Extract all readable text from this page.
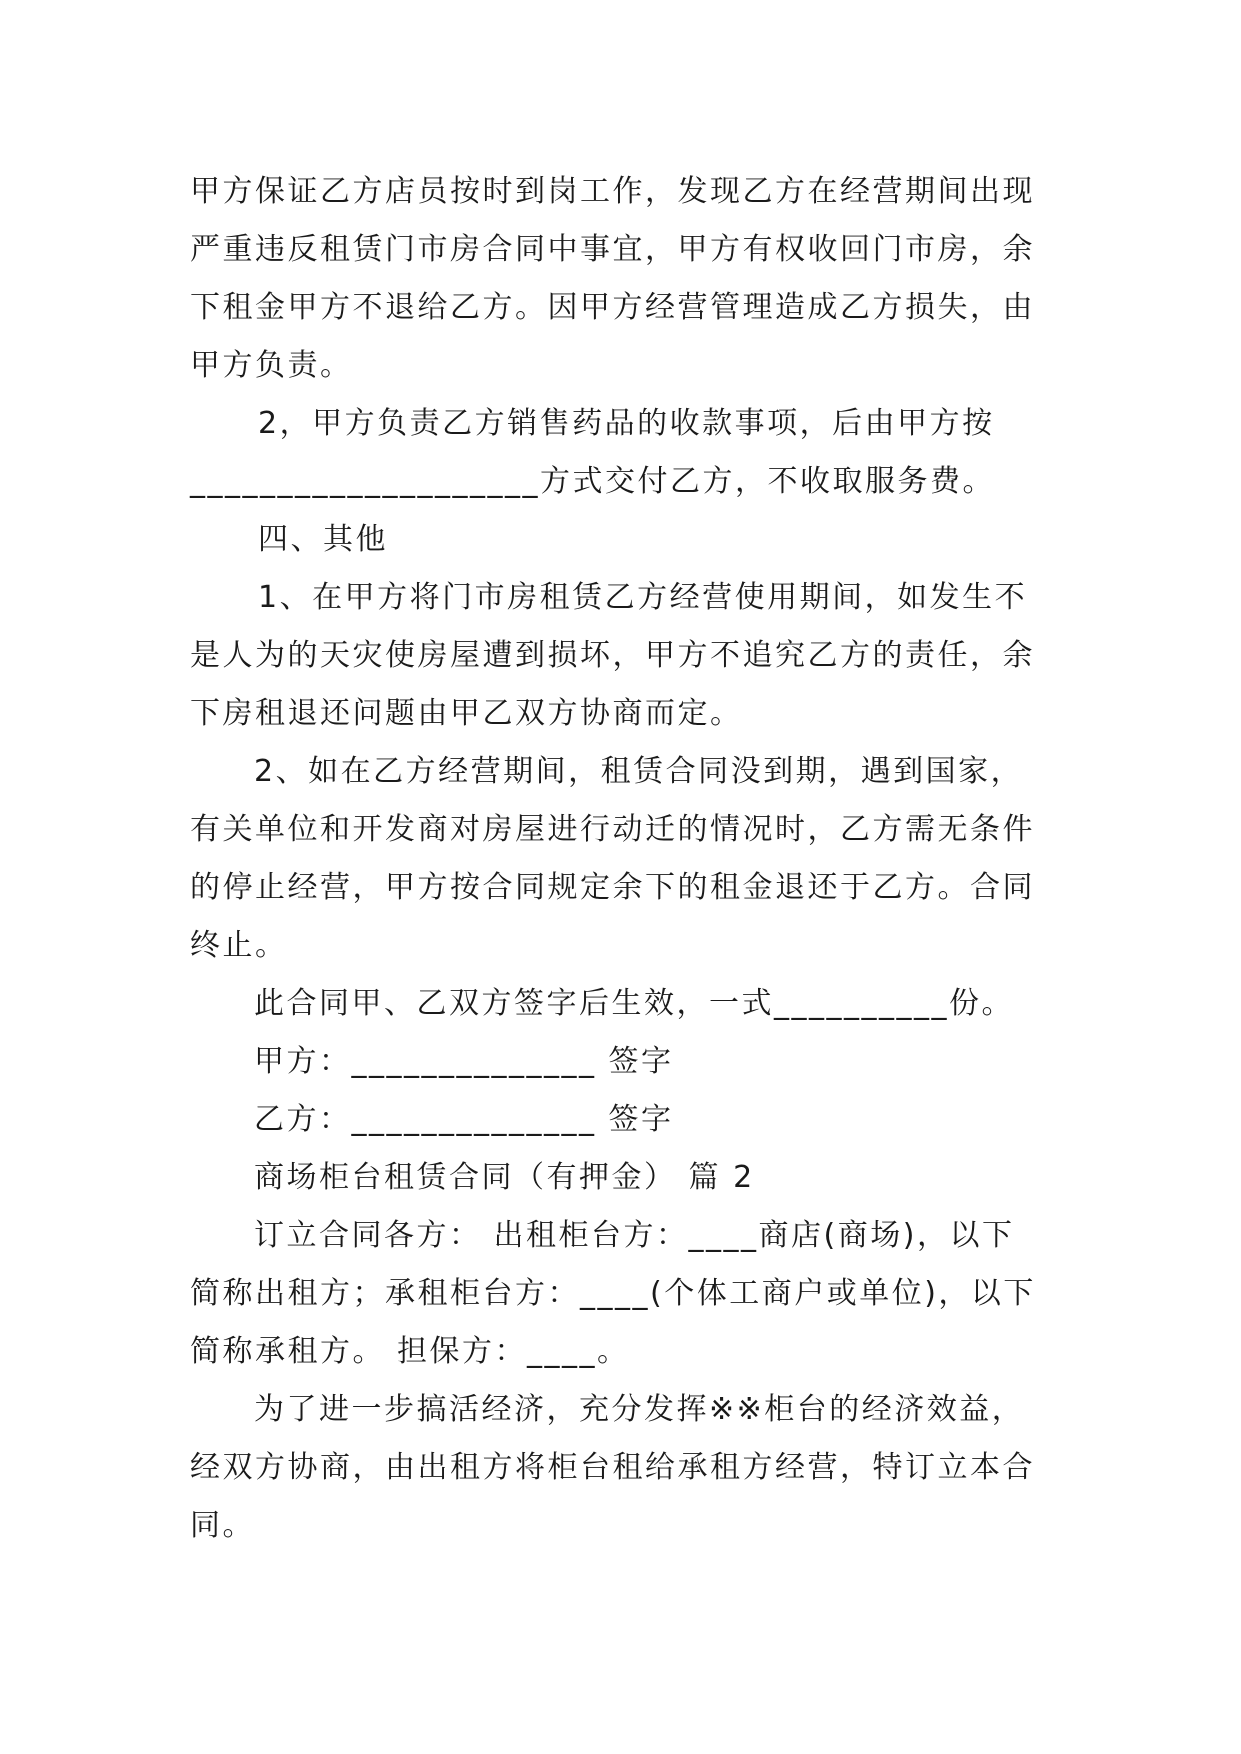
甲方保证乙方店员按时到岗工作，发现乙方在经营期间出现

严重违反租赁门市房合同中事宜，甲方有权收回门市房，余

下租金甲方不退给乙方。因甲方经营管理造成乙方损失，由

甲方负责。

2，甲方负责乙方销售药品的收款事项，后由甲方按

____________________方式交付乙方，不收取服务费。

四、其他

1、在甲方将门市房租赁乙方经营使用期间，如发生不

是人为的天灾使房屋遭到损坏，甲方不追究乙方的责任，余

下房租退还问题由甲乙双方协商而定。

2、如在乙方经营期间，租赁合同没到期，遇到国家，

有关单位和开发商对房屋进行动迁的情况时，乙方需无条件

的停止经营，甲方按合同规定余下的租金退还于乙方。合同

终止。

此合同甲、乙双方签字后生效，一式__________份。

甲方：______________ 签字

乙方：______________ 签字

商场柜台租赁合同（有押金） 篇 2

订立合同各方： 出租柜台方：____商店(商场)，以下

简称出租方；承租柜台方：____(个体工商户或单位)，以下

简称承租方。 担保方：____。

为了进一步搞活经济，充分发挥※※柜台的经济效益，

经双方协商，由出租方将柜台租给承租方经营，特订立本合

同。
